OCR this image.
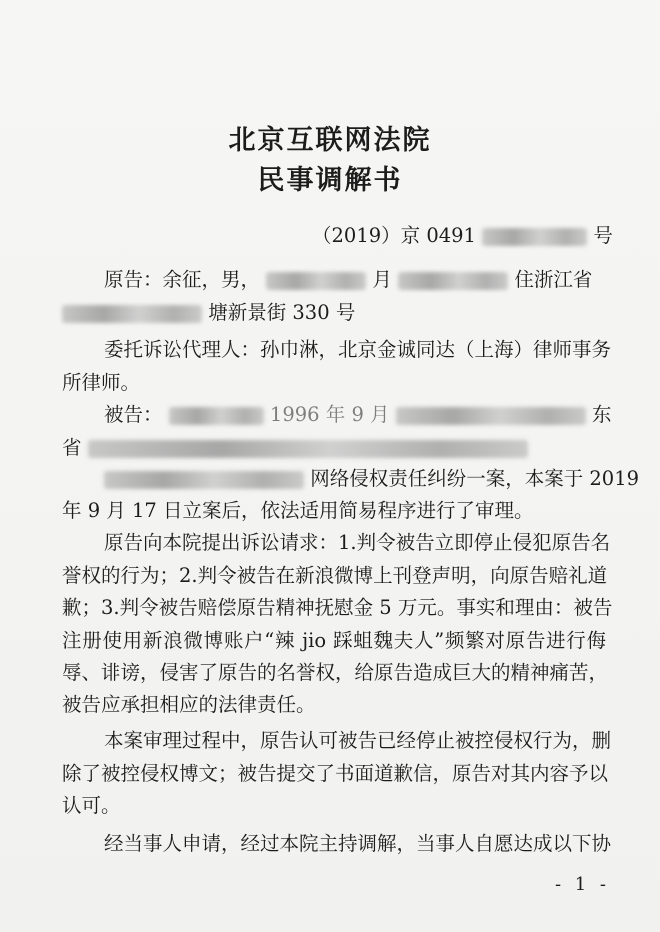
北京互联网法院
民事调解书
（2019）京 0491	号
原告：余征，男，	月	住浙江省
塘新景街 330 号
委托诉讼代理人：孙巾淋，北京金诚同达（上海）律师事务
所律师。
被告：	1996 年 9 月	东
省
网络侵权责任纠纷一案，本案于 2019
年 9 月 17 日立案后，依法适用简易程序进行了审理。
原告向本院提出诉讼请求：1.判令被告立即停止侵犯原告名
誉权的行为；2.判令被告在新浪微博上刊登声明，向原告赔礼道
歉；3.判令被告赔偿原告精神抚慰金 5 万元。事实和理由：被告
注册使用新浪微博账户“辣 jio 踩蛆魏夫人”频繁对原告进行侮
辱、诽谤，侵害了原告的名誉权，给原告造成巨大的精神痛苦，
被告应承担相应的法律责任。
本案审理过程中，原告认可被告已经停止被控侵权行为，删
除了被控侵权博文；被告提交了书面道歉信，原告对其内容予以
认可。
经当事人申请，经过本院主持调解，当事人自愿达成以下协
- 1 -
